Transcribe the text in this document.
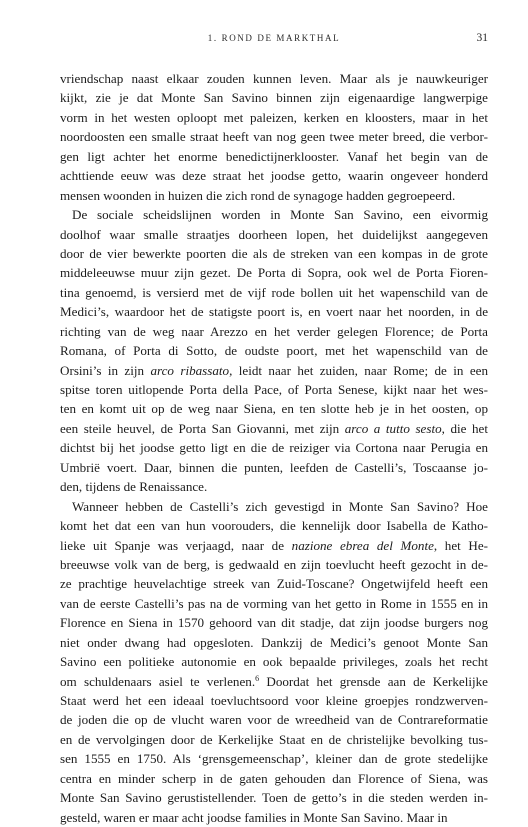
1. ROND DE MARKTHAL	31
vriendschap naast elkaar zouden kunnen leven. Maar als je nauwkeuriger
kijkt, zie je dat Monte San Savino binnen zijn eigenaardige langwerpige
vorm in het westen oploopt met paleizen, kerken en kloosters, maar in het
noordoosten een smalle straat heeft van nog geen twee meter breed, die verbor-
gen ligt achter het enorme benedictijnerklooster. Vanaf het begin van de
achttiende eeuw was deze straat het joodse getto, waarin ongeveer honderd
mensen woonden in huizen die zich rond de synagoge hadden gegroepeerd.
De sociale scheidslijnen worden in Monte San Savino, een eivormig
doolhof waar smalle straatjes doorheen lopen, het duidelijkst aangegeven
door de vier bewerkte poorten die als de streken van een kompas in de grote
middeleeuwse muur zijn gezet. De Porta di Sopra, ook wel de Porta Fioren-
tina genoemd, is versierd met de vijf rode bollen uit het wapenschild van de
Medici’s, waardoor het de statigste poort is, en voert naar het noorden, in de
richting van de weg naar Arezzo en het verder gelegen Florence; de Porta
Romana, of Porta di Sotto, de oudste poort, met het wapenschild van de
Orsini’s in zijn arco ribassato, leidt naar het zuiden, naar Rome; de in een
spitse toren uitlopende Porta della Pace, of Porta Senese, kijkt naar het wes-
ten en komt uit op de weg naar Siena, en ten slotte heb je in het oosten, op
een steile heuvel, de Porta San Giovanni, met zijn arco a tutto sesto, die het
dichtst bij het joodse getto ligt en die de reiziger via Cortona naar Perugia en
Umbrië voert. Daar, binnen die punten, leefden de Castelli’s, Toscaanse jo-
den, tijdens de Renaissance.
Wanneer hebben de Castelli’s zich gevestigd in Monte San Savino? Hoe
komt het dat een van hun voorouders, die kennelijk door Isabella de Katho-
lieke uit Spanje was verjaagd, naar de nazione ebrea del Monte, het He-
breeuwse volk van de berg, is gedwaald en zijn toevlucht heeft gezocht in de-
ze prachtige heuvelachtige streek van Zuid-Toscane? Ongetwijfeld heeft een
van de eerste Castelli’s pas na de vorming van het getto in Rome in 1555 en in
Florence en Siena in 1570 gehoord van dit stadje, dat zijn joodse burgers nog
niet onder dwang had opgesloten. Dankzij de Medici’s genoot Monte San
Savino een politieke autonomie en ook bepaalde privileges, zoals het recht
om schuldenaars asiel te verlenen.$^6$ Doordat het grensde aan de Kerkelijke
Staat werd het een ideaal toevluchtsoord voor kleine groepjes rondzwerven-
de joden die op de vlucht waren voor de wreedheid van de Contrareformatie
en de vervolgingen door de Kerkelijke Staat en de christelijke bevolking tus-
sen 1555 en 1750. Als ‘grensgemeenschap’, kleiner dan de grote stedelijke
centra en minder scherp in de gaten gehouden dan Florence of Siena, was
Monte San Savino gerustistellender. Toen de getto’s in die steden werden in-
gesteld, waren er maar acht joodse families in Monte San Savino. Maar in
